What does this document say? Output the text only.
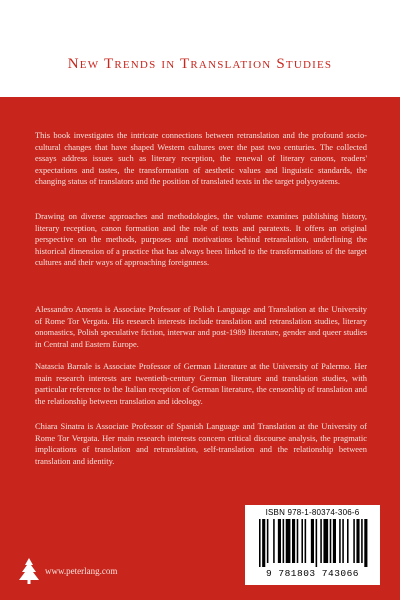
New Trends in Translation Studies

This book investigates the intricate connections between retranslation and the profound socio-cultural changes that have shaped Western cultures over the past two centuries. The collected essays address issues such as literary reception, the renewal of literary canons, readers' expectations and tastes, the transformation of aesthetic values and linguistic standards, the changing status of translators and the position of translated texts in the target polysystems.

Drawing on diverse approaches and methodologies, the volume examines publishing history, literary reception, canon formation and the role of texts and paratexts. It offers an original perspective on the methods, purposes and motivations behind retranslation, underlining the historical dimension of a practice that has always been linked to the transformations of the target cultures and their ways of approaching foreignness.

Alessandro Amenta is Associate Professor of Polish Language and Translation at the University of Rome Tor Vergata. His research interests include translation and retranslation studies, literary onomastics, Polish speculative fiction, interwar and post-1989 literature, gender and queer studies in Central and Eastern Europe.

Natascia Barrale is Associate Professor of German Literature at the University of Palermo. Her main research interests are twentieth-century German literature and translation studies, with particular reference to the Italian reception of German literature, the censorship of translation and the relationship between translation and ideology.

Chiara Sinatra is Associate Professor of Spanish Language and Translation at the University of Rome Tor Vergata. Her main research interests concern critical discourse analysis, the pragmatic implications of translation and retranslation, self-translation and the relationship between translation and identity.

ISBN 978-1-80374-306-6
9 781803 743066
www.peterlang.com
